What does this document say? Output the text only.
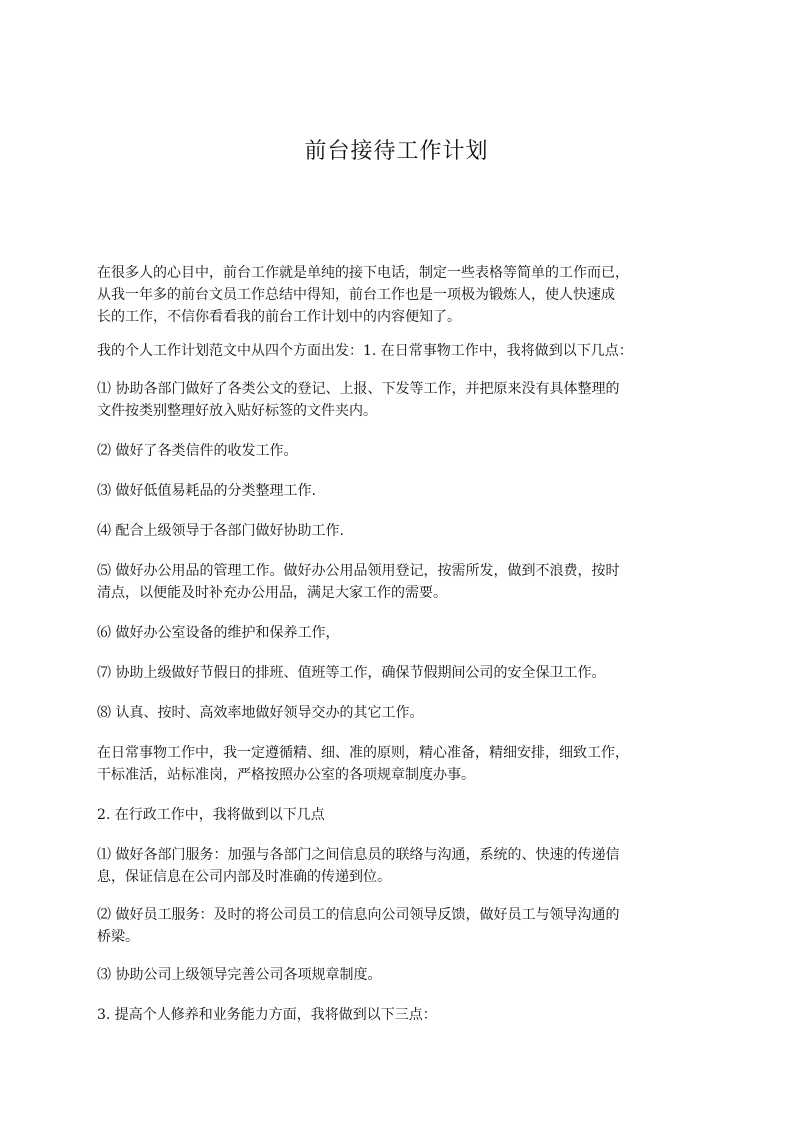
前台接待工作计划

在很多人的心目中，前台工作就是单纯的接下电话，制定一些表格等简单的工作而已，
从我一年多的前台文员工作总结中得知，前台工作也是一项极为锻炼人，使人快速成
长的工作，不信你看看我的前台工作计划中的内容便知了。

我的个人工作计划范文中从四个方面出发：1. 在日常事物工作中，我将做到以下几点：

⑴ 协助各部门做好了各类公文的登记、上报、下发等工作，并把原来没有具体整理的
文件按类别整理好放入贴好标签的文件夹内。

⑵ 做好了各类信件的收发工作。

⑶ 做好低值易耗品的分类整理工作.

⑷ 配合上级领导于各部门做好协助工作.

⑸ 做好办公用品的管理工作。做好办公用品领用登记，按需所发，做到不浪费，按时
清点，以便能及时补充办公用品，满足大家工作的需要。

⑹ 做好办公室设备的维护和保养工作，

⑺ 协助上级做好节假日的排班、值班等工作，确保节假期间公司的安全保卫工作。

⑻ 认真、按时、高效率地做好领导交办的其它工作。

在日常事物工作中，我一定遵循精、细、准的原则，精心准备，精细安排，细致工作，
干标准活，站标准岗，严格按照办公室的各项规章制度办事。

2. 在行政工作中，我将做到以下几点

⑴ 做好各部门服务：加强与各部门之间信息员的联络与沟通，系统的、快速的传递信
息，保证信息在公司内部及时准确的传递到位。

⑵ 做好员工服务：及时的将公司员工的信息向公司领导反馈，做好员工与领导沟通的
桥梁。

⑶ 协助公司上级领导完善公司各项规章制度。

3. 提高个人修养和业务能力方面，我将做到以下三点：
